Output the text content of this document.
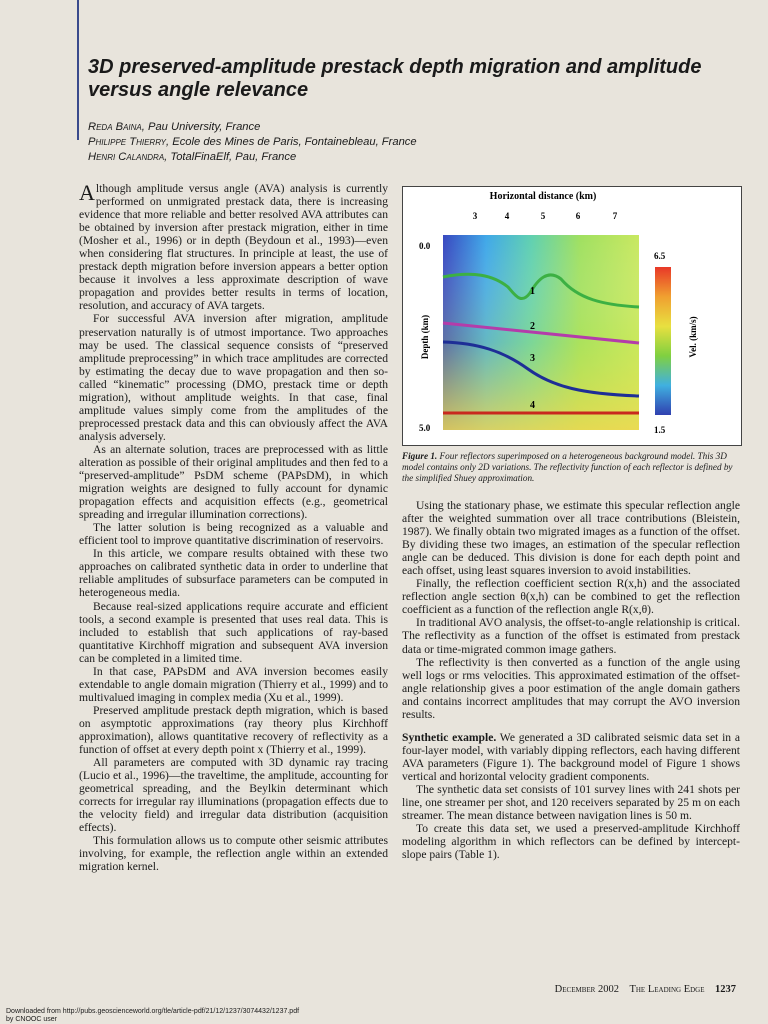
3D preserved-amplitude prestack depth migration and amplitude versus angle relevance
Reda Baina, Pau University, France
Philippe Thierry, Ecole des Mines de Paris, Fontainebleau, France
Henri Calandra, TotalFinaElf, Pau, France

Although amplitude versus angle (AVA) analysis is currently performed on unmigrated prestack data, there is increasing evidence that more reliable and better resolved AVA attributes can be obtained by inversion after prestack migration, either in time (Mosher et al., 1996) or in depth (Beydoun et al., 1993)—even when considering flat structures. In principle at least, the use of prestack depth migration before inversion appears a better option because it involves a less approximate description of wave propagation and provides better results in terms of location, resolution, and accuracy of AVA targets.

For successful AVA inversion after migration, amplitude preservation naturally is of utmost importance. Two approaches may be used. The classical sequence consists of “preserved amplitude preprocessing” in which trace amplitudes are corrected by estimating the decay due to wave propagation and then so-called “kinematic” processing (DMO, prestack time or depth migration), without amplitude weights. In that case, final amplitude values simply come from the amplitudes of the preprocessed prestack data and this can obviously affect the AVA analysis adversely.

As an alternate solution, traces are preprocessed with as little alteration as possible of their original amplitudes and then fed to a “preserved-amplitude” PsDM scheme (PAPsDM), in which migration weights are designed to fully account for dynamic propagation effects and acquisition effects (e.g., geometrical spreading and irregular illumination corrections).

The latter solution is being recognized as a valuable and efficient tool to improve quantitative discrimination of reservoirs.

In this article, we compare results obtained with these two approaches on calibrated synthetic data in order to underline that reliable amplitudes of subsurface parameters can be computed in heterogeneous media.

Because real-sized applications require accurate and efficient tools, a second example is presented that uses real data. This is included to establish that such applications of ray-based quantitative Kirchhoff migration and subsequent AVA inversion can be completed in a limited time.

In that case, PAPsDM and AVA inversion becomes easily extendable to angle domain migration (Thierry et al., 1999) and to multivalued imaging in complex media (Xu et al., 1999).

Preserved amplitude prestack depth migration, which is based on asymptotic approximations (ray theory plus Kirchhoff approximation), allows quantitative recovery of reflectivity as a function of offset at every depth point x (Thierry et al., 1999).

All parameters are computed with 3D dynamic ray tracing (Lucio et al., 1996)—the traveltime, the amplitude, accounting for geometrical spreading, and the Beylkin determinant which corrects for irregular ray illuminations (propagation effects due to the velocity field) and irregular data distribution (acquisition effects).

This formulation allows us to compute other seismic attributes involving, for example, the reflection angle within an extended migration kernel.

Horizontal distance (km)
3	4	5	6	7
0.0
5.0
Depth (km)
1
2
3
4
6.5
1.5
Vel. (km/s)
Figure 1. Four reflectors superimposed on a heterogeneous background model. This 3D model contains only 2D variations. The reflectivity function of each reflector is defined by the simplified Shuey approximation.

Using the stationary phase, we estimate this specular reflection angle after the weighted summation over all trace contributions (Bleistein, 1987). We finally obtain two migrated images as a function of the offset. By dividing these two images, an estimation of the specular reflection angle can be deduced. This division is done for each depth point and each offset, using least squares inversion to avoid instabilities.

Finally, the reflection coefficient section R(x,h) and the associated reflection angle section θ(x,h) can be combined to get the reflection coefficient as a function of the reflection angle R(x,θ).

In traditional AVO analysis, the offset-to-angle relationship is critical. The reflectivity as a function of the offset is estimated from prestack data or time-migrated common image gathers.

The reflectivity is then converted as a function of the angle using well logs or rms velocities. This approximated estimation of the offset-angle relationship gives a poor estimation of the angle domain gathers and contains incorrect amplitudes that may corrupt the AVO inversion results.

Synthetic example. We generated a 3D calibrated seismic data set in a four-layer model, with variably dipping reflectors, each having different AVA parameters (Figure 1). The background model of Figure 1 shows vertical and horizontal velocity gradient components.

The synthetic data set consists of 101 survey lines with 241 shots per line, one streamer per shot, and 120 receivers separated by 25 m on each streamer. The mean distance between navigation lines is 50 m.

To create this data set, we used a preserved-amplitude Kirchhoff modeling algorithm in which reflectors can be defined by intercept-slope pairs (Table 1).

December 2002 The Leading Edge 1237
Downloaded from http://pubs.geoscienceworld.org/tle/article-pdf/21/12/1237/3074432/1237.pdf
by CNOOC user
